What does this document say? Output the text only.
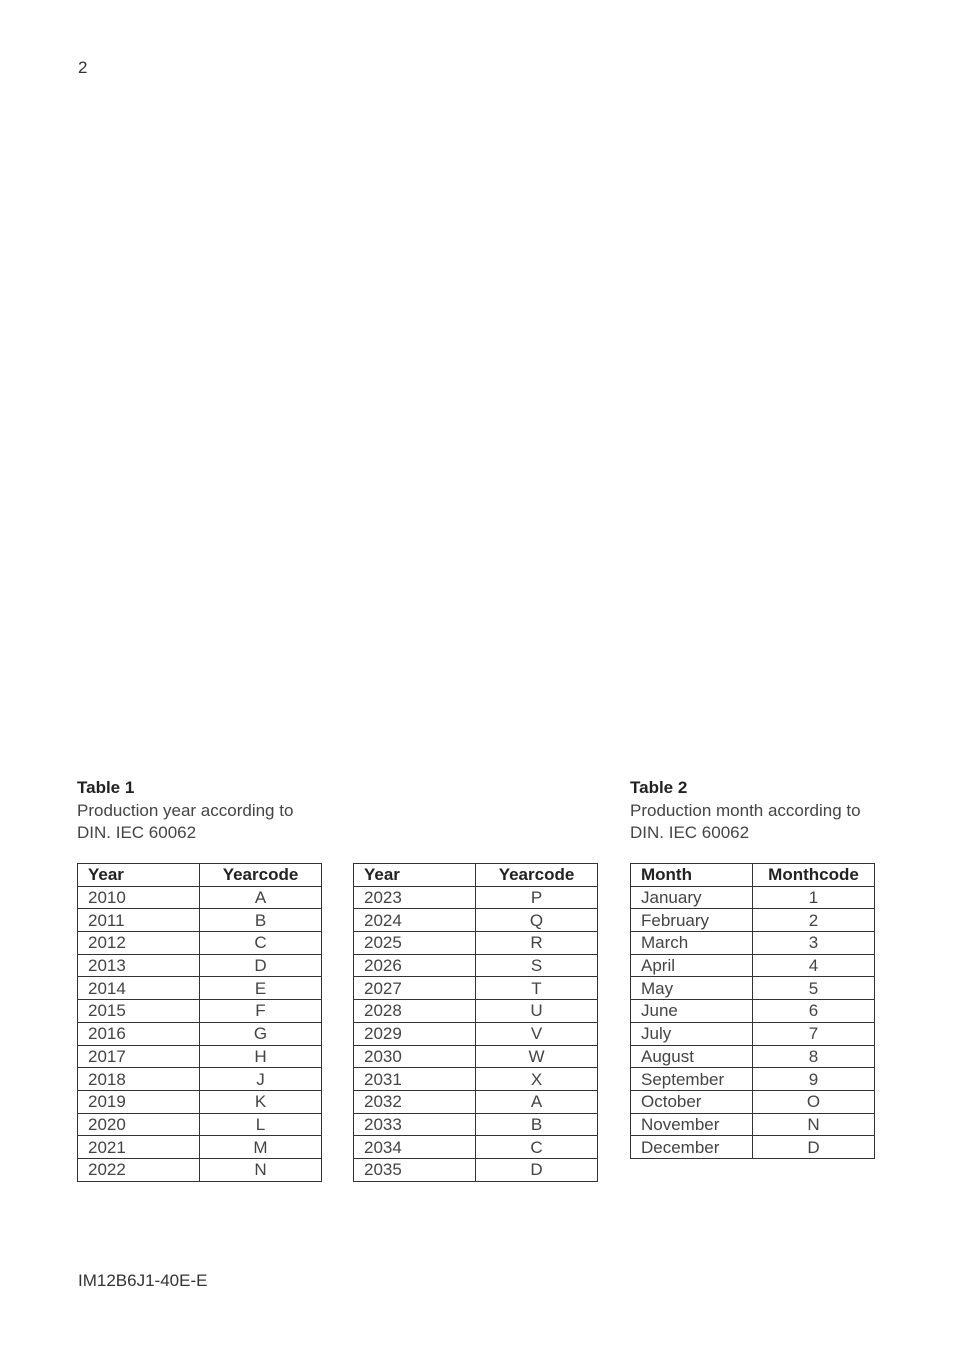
2
Table 1
Production year according to
DIN. IEC 60062
Table 2
Production month according to
DIN. IEC 60062
Year	Yearcode
2010	A
2011	B
2012	C
2013	D
2014	E
2015	F
2016	G
2017	H
2018	J
2019	K
2020	L
2021	M
2022	N
Year	Yearcode
2023	P
2024	Q
2025	R
2026	S
2027	T
2028	U
2029	V
2030	W
2031	X
2032	A
2033	B
2034	C
2035	D
Month	Monthcode
January	1
February	2
March	3
April	4
May	5
June	6
July	7
August	8
September	9
October	O
November	N
December	D
IM12B6J1-40E-E
